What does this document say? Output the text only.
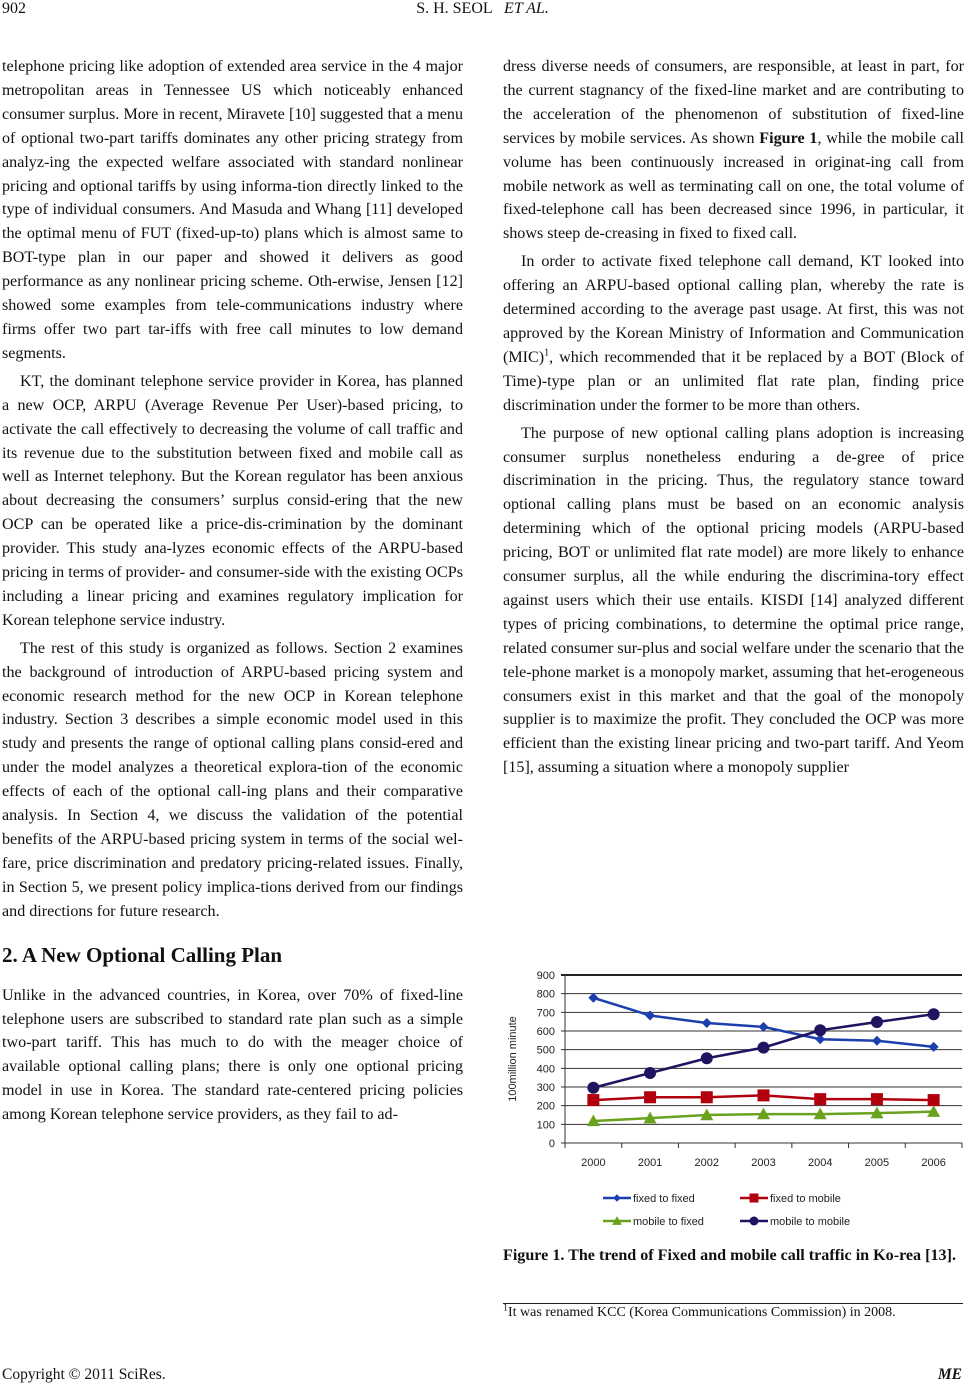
902	S. H. SEOL ET AL.

telephone pricing like adoption of extended area service in the 4 major metropolitan areas in Tennessee US which noticeably enhanced consumer surplus. More in recent, Miravete [10] suggested that a menu of optional two-part tariffs dominates any other pricing strategy from analyz-ing the expected welfare associated with standard nonlinear pricing and optional tariffs by using informa-tion directly linked to the type of individual consumers. And Masuda and Whang [11] developed the optimal menu of FUT (fixed-up-to) plans which is almost same to BOT-type plan in our paper and showed it delivers as good performance as any nonlinear pricing scheme. Oth-erwise, Jensen [12] showed some examples from tele-communications industry where firms offer two part tar-iffs with free call minutes to low demand segments.

KT, the dominant telephone service provider in Korea, has planned a new OCP, ARPU (Average Revenue Per User)-based pricing, to activate the call effectively to decreasing the volume of call traffic and its revenue due to the substitution between fixed and mobile call as well as Internet telephony. But the Korean regulator has been anxious about decreasing the consumers’ surplus consid-ering that the new OCP can be operated like a price-dis-crimination by the dominant provider. This study ana-lyzes economic effects of the ARPU-based pricing in terms of provider- and consumer-side with the existing OCPs including a linear pricing and examines regulatory implication for Korean telephone service industry.

The rest of this study is organized as follows. Section 2 examines the background of introduction of ARPU-based pricing system and economic research method for the new OCP in Korean telephone industry. Section 3 describes a simple economic model used in this study and presents the range of optional calling plans consid-ered and under the model analyzes a theoretical explora-tion of the economic effects of each of the optional call-ing plans and their comparative analysis. In Section 4, we discuss the validation of the potential benefits of the ARPU-based pricing system in terms of the social wel-fare, price discrimination and predatory pricing-related issues. Finally, in Section 5, we present policy implica-tions derived from our findings and directions for future research.

2. A New Optional Calling Plan

Unlike in the advanced countries, in Korea, over 70% of fixed-line telephone users are subscribed to standard rate plan such as a simple two-part tariff. This has much to do with the meager choice of available optional calling plans; there is only one optional pricing model in use in Korea. The standard rate-centered pricing policies among Korean telephone service providers, as they fail to ad-

dress diverse needs of consumers, are responsible, at least in part, for the current stagnancy of the fixed-line market and are contributing to the acceleration of the phenomenon of substitution of fixed-line services by mobile services. As shown Figure 1, while the mobile call volume has been continuously increased in originat-ing call from mobile network as well as terminating call on one, the total volume of fixed-telephone call has been decreased since 1996, in particular, it shows steep de-creasing in fixed to fixed call.

In order to activate fixed telephone call demand, KT looked into offering an ARPU-based optional calling plan, whereby the rate is determined according to the average past usage. At first, this was not approved by the Korean Ministry of Information and Communication (MIC)$^1$, which recommended that it be replaced by a BOT (Block of Time)-type plan or an unlimited flat rate plan, finding price discrimination under the former to be more than others.

The purpose of new optional calling plans adoption is increasing consumer surplus nonetheless enduring a de-gree of price discrimination in the pricing. Thus, the regulatory stance toward optional calling plans must be based on an economic analysis determining which of the optional pricing models (ARPU-based pricing, BOT or unlimited flat rate model) are more likely to enhance consumer surplus, all the while enduring the discrimina-tory effect against users which their use entails. KISDI [14] analyzed different types of pricing combinations, to determine the optimal price range, related consumer sur-plus and social welfare under the scenario that the tele-phone market is a monopoly market, assuming that het-erogeneous consumers exist in this market and that the goal of the monopoly supplier is to maximize the profit. They concluded the OCP was more efficient than the existing linear pricing and two-part tariff. And Yeom [15], assuming a situation where a monopoly supplier

0
100
200
300
400
500
600
700
800
900
100million minute
2000	2001	2002	2003	2004	2005	2006
fixed to fixed	fixed to mobile
mobile to fixed	mobile to mobile
Figure 1. The trend of Fixed and mobile call traffic in Ko-rea [13].
$^1$It was renamed KCC (Korea Communications Commission) in 2008.
Copyright © 2011 SciRes.	ME
